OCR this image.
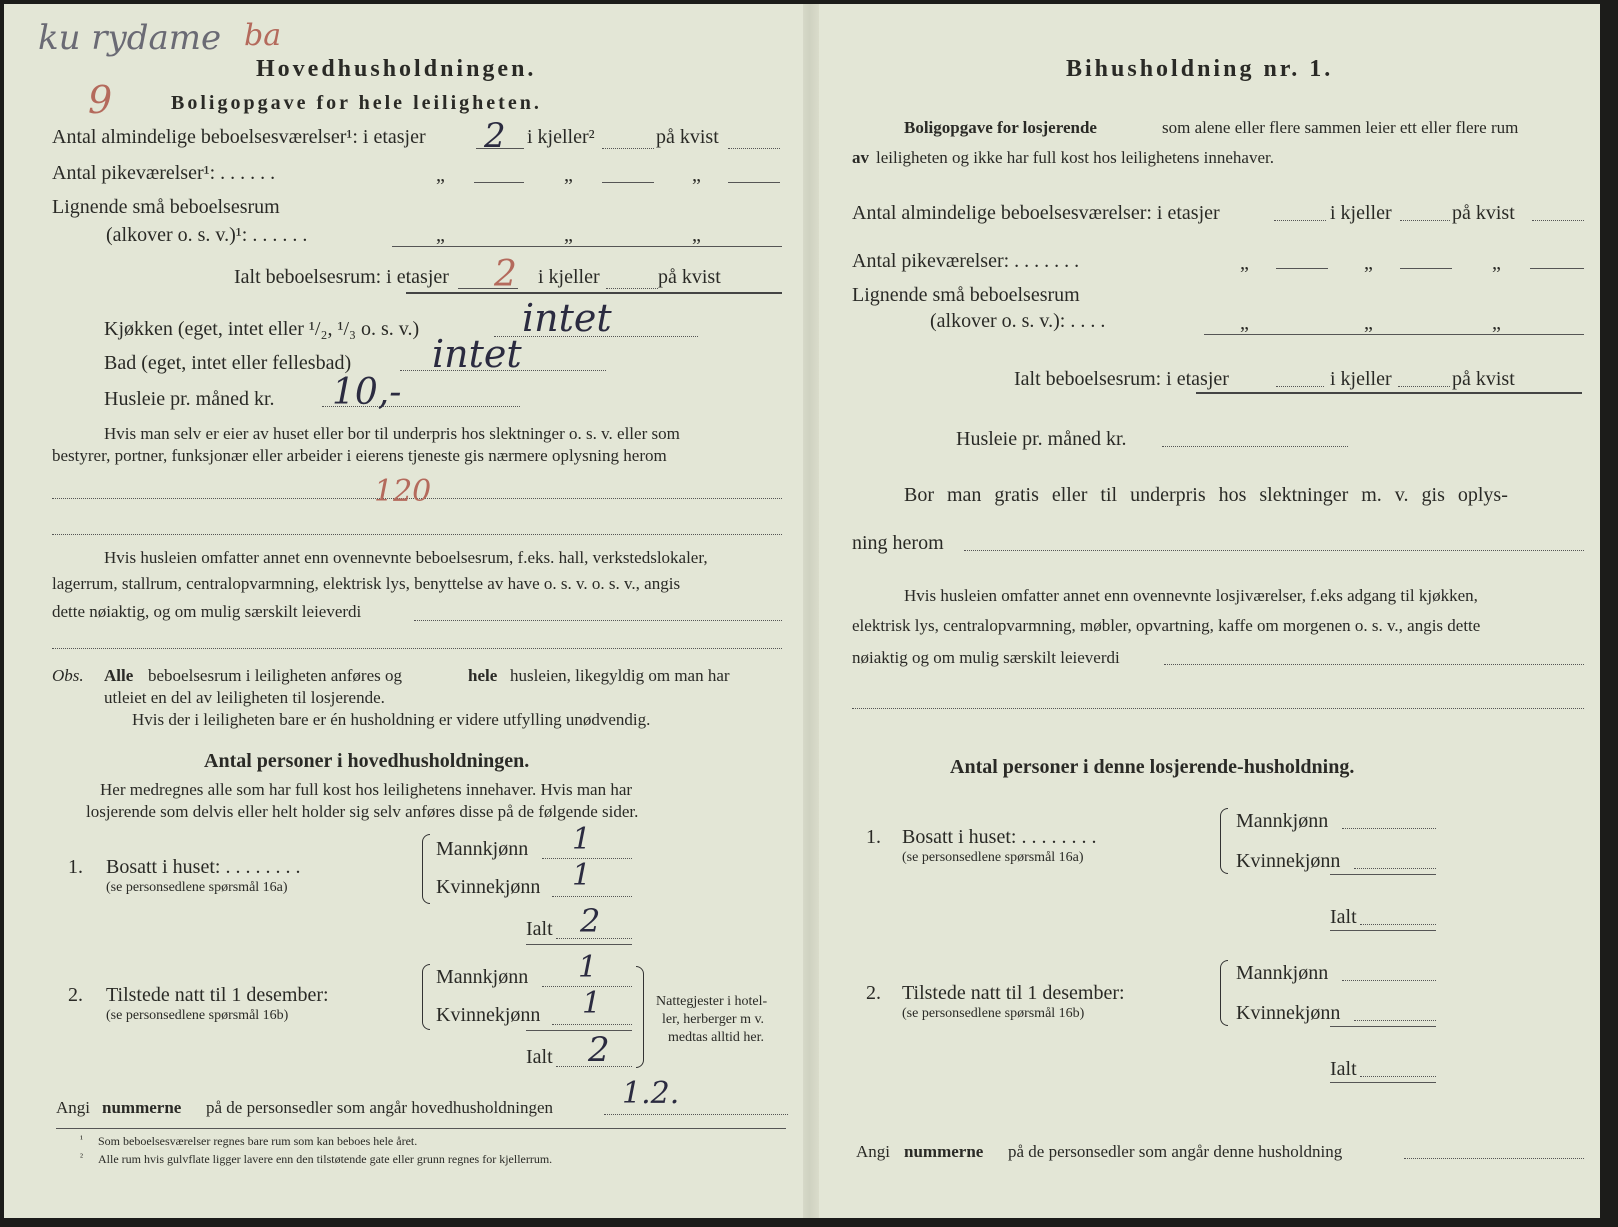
ku rydame ba
9
Hovedhusholdningen.
Boligopgave for hele leiligheten.
Antal almindelige beboelsesværelser¹: i etasjer 2 i kjeller²	på kvist
Antal pikeværelser¹: . . . . . .	„	„	„
Lignende små beboelsesrum
(alkover o. s. v.)¹: . . . . . .	„	„	„
Ialt beboelsesrum: i etasjer 2 i kjeller	på kvist
Kjøkken (eget, intet eller ¹/₂, ¹/₃ o. s. v.)	intet
Bad (eget, intet eller fellesbad) intet
Husleie pr. måned kr. 10,-
Hvis man selv er eier av huset eller bor til underpris hos slektninger o. s. v. eller som
bestyrer, portner, funksjonær eller arbeider i eierens tjeneste gis nærmere oplysning herom
120
Hvis husleien omfatter annet enn ovennevnte beboelsesrum, f.eks. hall, verkstedslokaler,
lagerrum, stallrum, centralopvarmning, elektrisk lys, benyttelse av have o. s. v. o. s. v., angis
dette nøiaktig, og om mulig særskilt leieverdi
Obs. Alle beboelsesrum i leiligheten anføres og	hele husleien, likegyldig om man har
utleiet en del av leiligheten til losjerende.
Hvis der i leiligheten bare er én husholdning er videre utfylling unødvendig.
Antal personer i hovedhusholdningen.
Her medregnes alle som har full kost hos leilighetens innehaver. Hvis man har
losjerende som delvis eller helt holder sig selv anføres disse på de følgende sider.
1. Bosatt i huset: . . . . . . . .
(se personsedlene spørsmål 16a)
Mannkjønn 1
Kvinnekjønn 1
Ialt 2
2. Tilstede natt til 1 desember:
(se personsedlene spørsmål 16b)
Mannkjønn 1
Kvinnekjønn 1
Ialt 2
Nattegjester i hotel-
ler, herberger m v.
medtas alltid her.
Angi nummerne på de personsedler som angår hovedhusholdningen 1.2.
¹ Som beboelsesværelser regnes bare rum som kan beboes hele året.
² Alle rum hvis gulvflate ligger lavere enn den tilstøtende gate eller grunn regnes for kjellerrum.
Bihusholdning nr. 1.
Boligopgave for losjerende	som alene eller flere sammen leier ett eller flere rum
av leiligheten og ikke har full kost hos leilighetens innehaver.
Antal almindelige beboelsesværelser: i etasjer	i kjeller	på kvist
Antal pikeværelser: . . . . . . .	„	„	„
Lignende små beboelsesrum
(alkover o. s. v.): . . . .	„	„	„
Ialt beboelsesrum: i etasjer	i kjeller	på kvist
Husleie pr. måned kr.
Bor man gratis eller til underpris hos slektninger m. v. gis oplys-
ning herom
Hvis husleien omfatter annet enn ovennevnte losjiværelser, f.eks adgang til kjøkken,
elektrisk lys, centralopvarmning, møbler, opvartning, kaffe om morgenen o. s. v., angis dette
nøiaktig og om mulig særskilt leieverdi
Antal personer i denne losjerende-husholdning.
1. Bosatt i huset: . . . . . . . .
(se personsedlene spørsmål 16a)
Mannkjønn
Kvinnekjønn
Ialt
2. Tilstede natt til 1 desember:
(se personsedlene spørsmål 16b)
Mannkjønn
Kvinnekjønn
Ialt
Angi nummerne på de personsedler som angår denne husholdning
